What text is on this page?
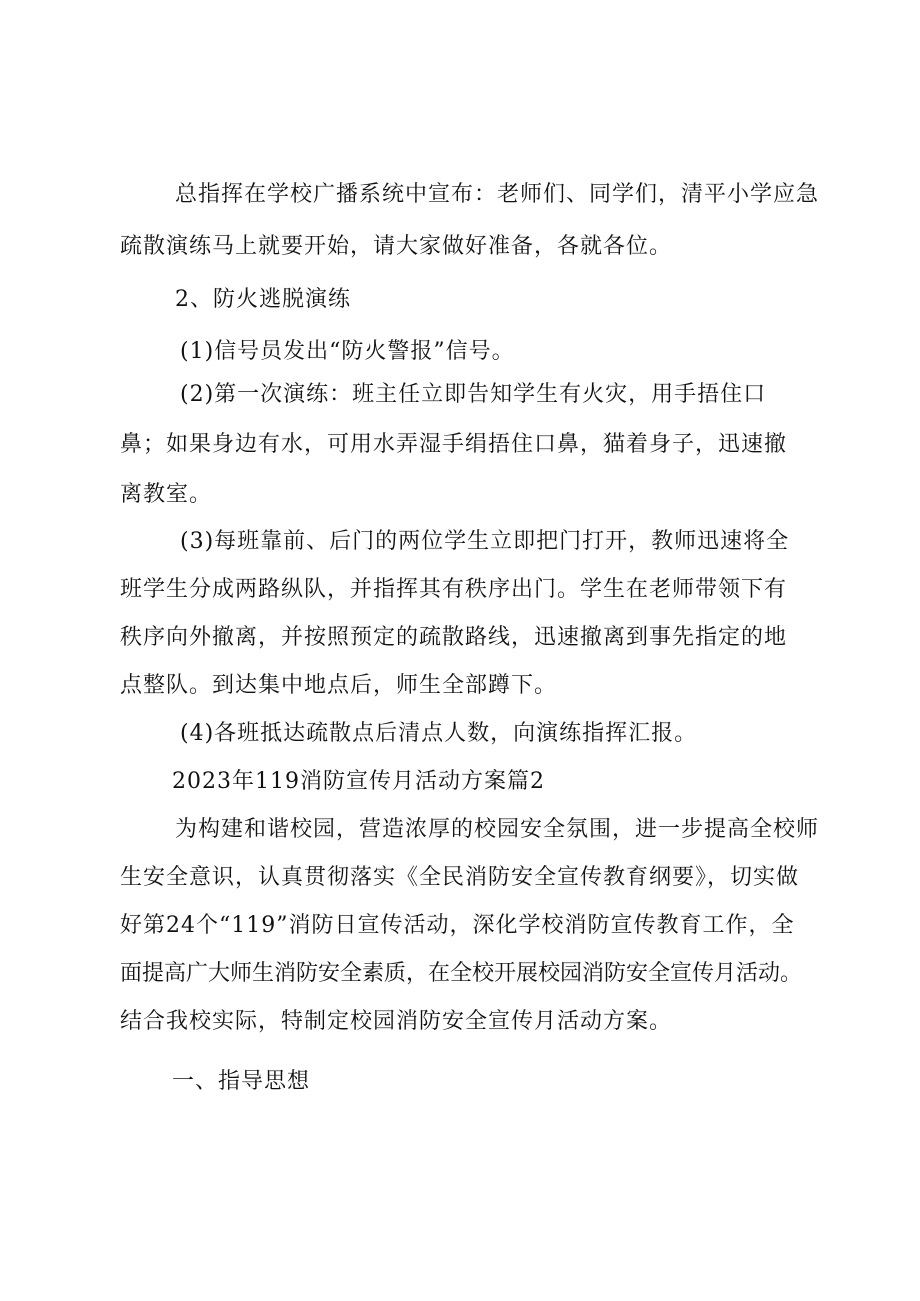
总指挥在学校广播系统中宣布：老师们、同学们，清平小学应急
疏散演练马上就要开始，请大家做好准备，各就各位。
2、防火逃脱演练
(1)信号员发出“防火警报”信号。
(2)第一次演练：班主任立即告知学生有火灾，用手捂住口
鼻；如果身边有水，可用水弄湿手绢捂住口鼻，猫着身子，迅速撤
离教室。
(3)每班靠前、后门的两位学生立即把门打开，教师迅速将全
班学生分成两路纵队，并指挥其有秩序出门。学生在老师带领下有
秩序向外撤离，并按照预定的疏散路线，迅速撤离到事先指定的地
点整队。到达集中地点后，师生全部蹲下。
(4)各班抵达疏散点后清点人数，向演练指挥汇报。
2023年119消防宣传月活动方案篇2
为构建和谐校园，营造浓厚的校园安全氛围，进一步提高全校师
生安全意识，认真贯彻落实《全民消防安全宣传教育纲要》，切实做
好第24个“119”消防日宣传活动，深化学校消防宣传教育工作，全
面提高广大师生消防安全素质，在全校开展校园消防安全宣传月活动。
结合我校实际，特制定校园消防安全宣传月活动方案。
一、指导思想
